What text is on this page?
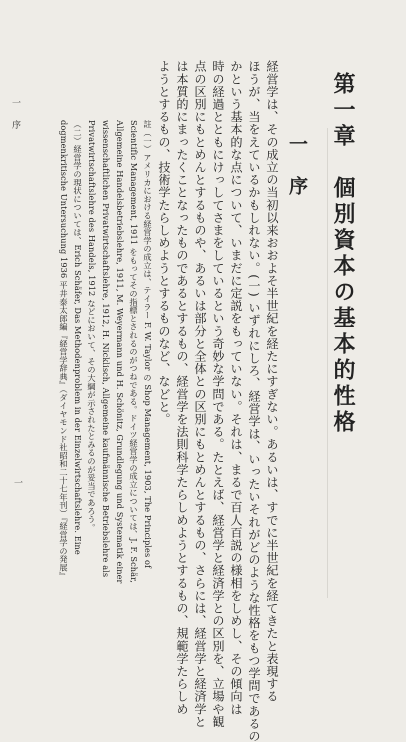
第一章　個別資本の基本的性格
一　序
経営学は、その成立の当初以来おおよそ半世紀を経たにすぎない。あるいは、すでに半世紀を経てきたと表現する
ほうが、当をえているかもしれない。(一) いずれにしろ、経営学は、いったいそれがどのような性格をもつ学問であるの
かという基本的な点について、いまだに定説をもっていない。それは、まるで百人百説の様相をしめし、その傾向は
時の経過とともにけっしてさまをしているという奇妙な学問である。たとえば、経営学と経済学との区別を、立場や観
点の区別にもとめんとするものや、あるいは部分と全体との区別にもとめんとするもの、さらには、経営学と経済学と
は本質的にまったくことなったものであるとするもの、経営学を法則科学たらしめようとするもの、規範学たらしめ
ようとするもの、技術学たらしめようとするものなど、などと。
註（一）アメリカにおける経営学の成立は、テイラー F. W. Taylor の Shop Management, 1903, The Principles of
Scientific Management, 1911 をもってその指標とされるのがつねである。ドイツ経営学の成立については、J. F. Schär,
Allgemeine Handelsbetriebslehre, 1911, M. Weyermann und H. Schönitz, Grundlegung und Systematik einer
wissenschaftlichen Privatwirtschaftslehre, 1912, H. Nicklisch, Allgemeine kaufmännische Betriebslehre als
Privatwirtschaftslehre des Handels, 1912 などにおいて、その大綱が示されたとみるのが妥当であろう。
（二）経営学の現状については、Erich Schäfer, Das Methodenproblem in der Einzelwirtschaftslehre. Eine
dogmenkritische Untersuchung 1936 平井泰太郎編『経営学辞典』（ダイヤモンド社昭和二十七年刊）『経営学の発展』
一　序
一
